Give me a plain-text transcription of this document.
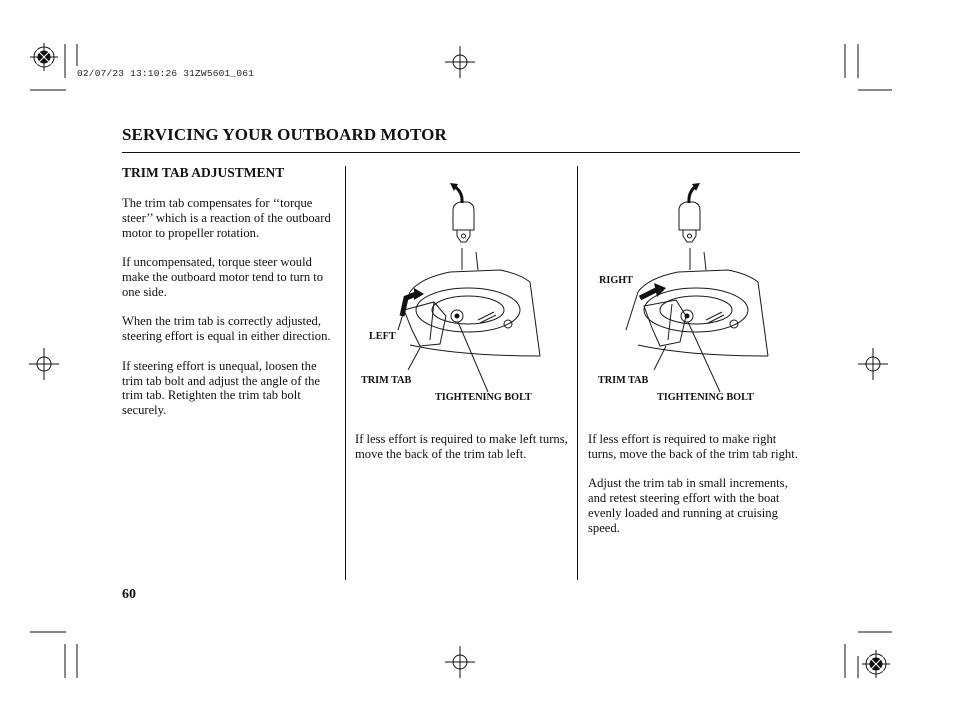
02/07/23 13:10:26 31ZW5601_061
SERVICING YOUR OUTBOARD MOTOR
TRIM TAB ADJUSTMENT

The trim tab compensates for ‘‘torque steer’’ which is a reaction of the outboard motor to propeller rotation.

If uncompensated, torque steer would make the outboard motor tend to turn to one side.

When the trim tab is correctly adjusted, steering effort is equal in either direction.

If steering effort is unequal, loosen the trim tab bolt and adjust the angle of the trim tab. Retighten the trim tab bolt securely.

LEFT
TRIM TAB
TIGHTENING BOLT
RIGHT
TRIM TAB
TIGHTENING BOLT

If less effort is required to make left turns, move the back of the trim tab left.

If less effort is required to make right turns, move the back of the trim tab right.

Adjust the trim tab in small increments, and retest steering effort with the boat evenly loaded and running at cruising speed.

60
